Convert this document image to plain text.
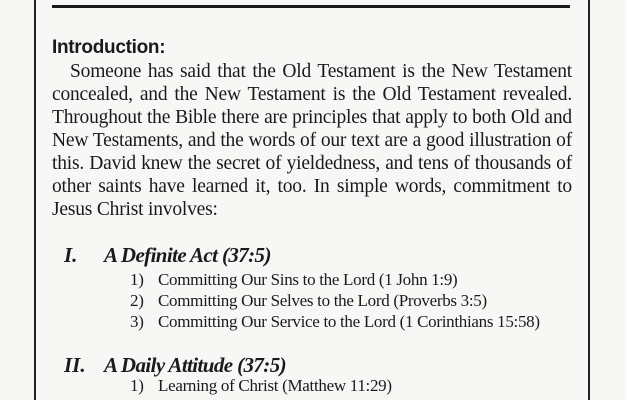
Introduction:

Someone has said that the Old Testament is the New Testament concealed, and the New Testament is the Old Testament revealed. Throughout the Bible there are principles that apply to both Old and New Testaments, and the words of our text are a good illustration of this. David knew the secret of yieldedness, and tens of thousands of other saints have learned it, too. In simple words, commitment to Jesus Christ involves:

I. A Definite Act (37:5)
1) Committing Our Sins to the Lord (1 John 1:9)
2) Committing Our Selves to the Lord (Proverbs 3:5)
3) Committing Our Service to the Lord (1 Corinthians 15:58)
II. A Daily Attitude (37:5)
1) Learning of Christ (Matthew 11:29)
